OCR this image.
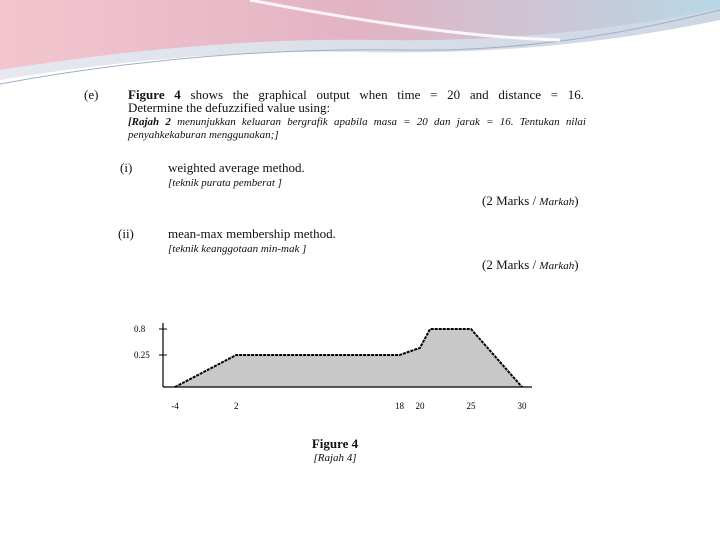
(e) Figure 4 shows the graphical output when time = 20 and distance = 16.
Determine the defuzzified value using:
[Rajah 2 menunjukkan keluaran bergrafik apabila masa = 20 dan jarak = 16. Tentukan nilai
penyahkekaburan menggunakan;]
(i)	weighted average method.
[teknik purata pemberat ]
(2 Marks / Markah)
(ii)	mean-max membership method.
[teknik keanggotaan min-mak ]
(2 Marks / Markah)
0.8
0.25
-4	2	18 20	25	30
Figure 4
[Rajah 4]
